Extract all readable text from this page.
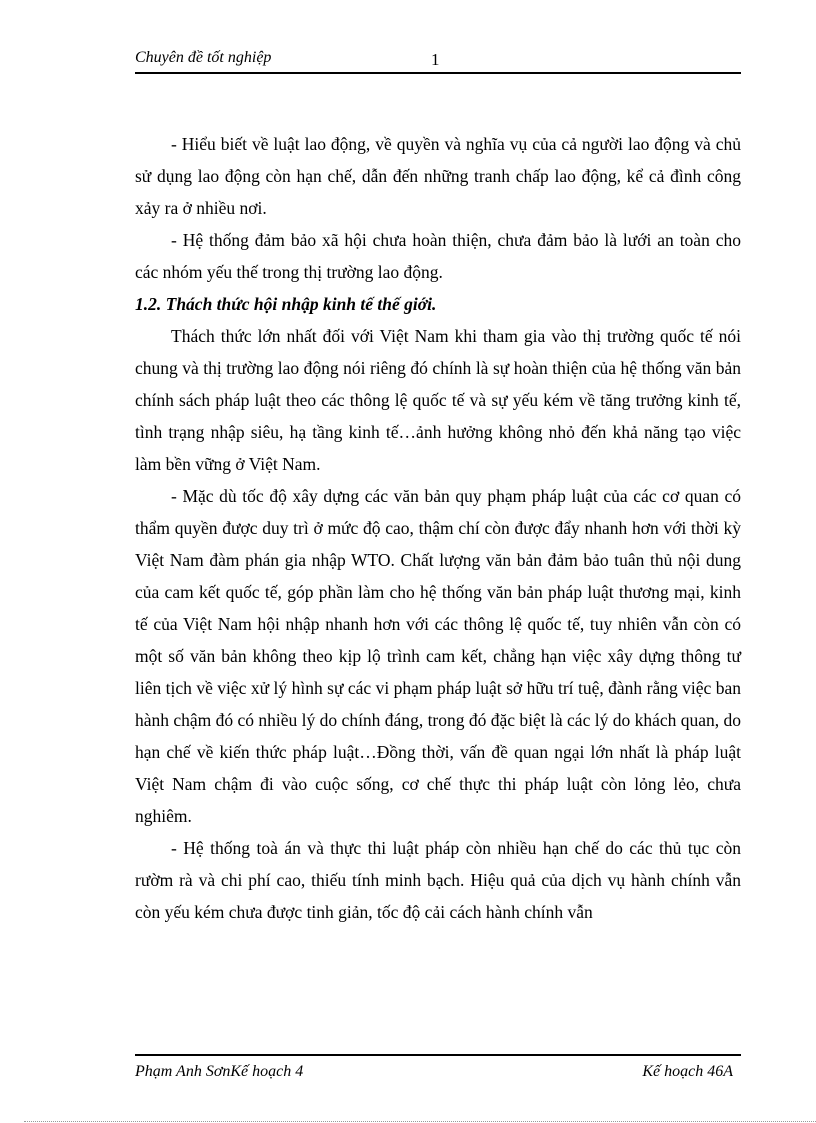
Chuyên đề tốt nghiệp	1

- Hiểu biết về luật lao động, về quyền và nghĩa vụ của cả người lao động và chủ sử dụng lao động còn hạn chế, dẫn đến những tranh chấp lao động, kể cả đình công xảy ra ở nhiều nơi.

- Hệ thống đảm bảo xã hội chưa hoàn thiện, chưa đảm bảo là lưới an toàn cho các nhóm yếu thế trong thị trường lao động.

1.2. Thách thức hội nhập kinh tế thế giới.

Thách thức lớn nhất đối với Việt Nam khi tham gia vào thị trường quốc tế nói chung và thị trường lao động nói riêng đó chính là sự hoàn thiện của hệ thống văn bản chính sách pháp luật theo các thông lệ quốc tế và sự yếu kém về tăng trưởng kinh tế, tình trạng nhập siêu, hạ tầng kinh tế…ảnh hưởng không nhỏ đến khả năng tạo việc làm bền vững ở Việt Nam.

- Mặc dù tốc độ xây dựng các văn bản quy phạm pháp luật của các cơ quan có thẩm quyền được duy trì ở mức độ cao, thậm chí còn được đẩy nhanh hơn với thời kỳ Việt Nam đàm phán gia nhập WTO. Chất lượng văn bản đảm bảo tuân thủ nội dung của cam kết quốc tế, góp phần làm cho hệ thống văn bản pháp luật thương mại, kinh tế của Việt Nam hội nhập nhanh hơn với các thông lệ quốc tế, tuy nhiên vẫn còn có một số văn bản không theo kịp lộ trình cam kết, chẳng hạn việc xây dựng thông tư liên tịch về việc xử lý hình sự các vi phạm pháp luật sở hữu trí tuệ, đành rằng việc ban hành chậm đó có nhiều lý do chính đáng, trong đó đặc biệt là các lý do khách quan, do hạn chế về kiến thức pháp luật…Đồng thời, vấn đề quan ngại lớn nhất là pháp luật Việt Nam chậm đi vào cuộc sống, cơ chế thực thi pháp luật còn lỏng lẻo, chưa nghiêm.

- Hệ thống toà án và thực thi luật pháp còn nhiều hạn chế do các thủ tục còn rườm rà và chi phí cao, thiếu tính minh bạch. Hiệu quả của dịch vụ hành chính vẫn còn yếu kém chưa được tinh giản, tốc độ cải cách hành chính vẫn

Phạm Anh SơnKế hoạch 4	Kế hoạch 46A
